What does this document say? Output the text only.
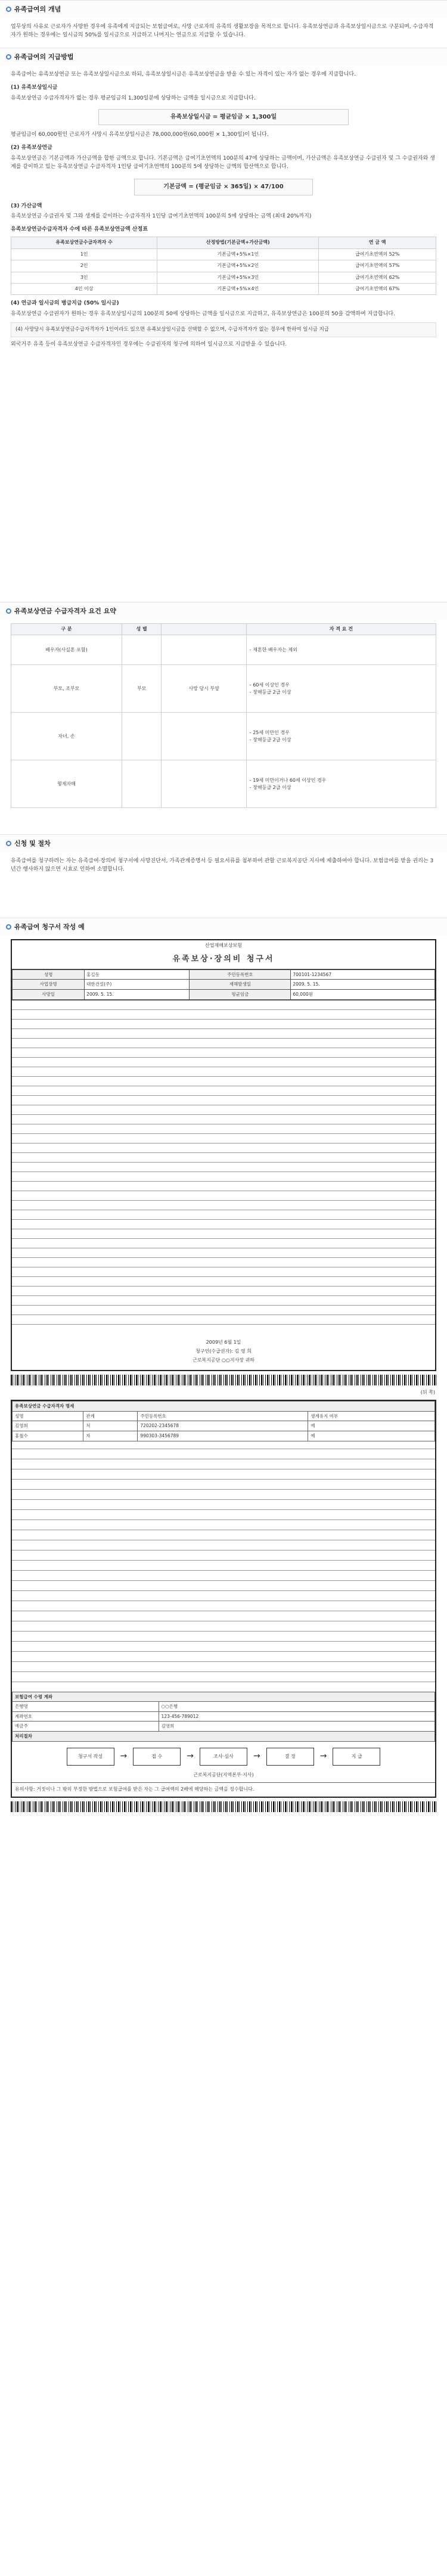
유족급여의 개념

업무상의 사유로 근로자가 사망한 경우에 유족에게 지급되는 보험급여로, 사망 근로자의 유족의 생활보장을 목적으로 합니다. 유족보상연금과 유족보상일시금으로 구분되며, 수급자격자가 원하는 경우에는 일시금의 50%를 일시금으로 지급하고 나머지는 연금으로 지급할 수 있습니다.

유족급여의 지급방법

유족급여는 유족보상연금 또는 유족보상일시금으로 하되, 유족보상일시금은 유족보상연금을 받을 수 있는 자격이 있는 자가 없는 경우에 지급합니다.

(1) 유족보상일시금

유족보상연금 수급자격자가 없는 경우 평균임금의 1,300일분에 상당하는 금액을 일시금으로 지급합니다.

유족보상일시금 = 평균임금 × 1,300일

평균임금이 60,000원인 근로자가 사망시 유족보상일시금은 78,000,000원(60,000원 × 1,300일)이 됩니다.

(2) 유족보상연금

유족보상연금은 기본금액과 가산금액을 합한 금액으로 합니다. 기본금액은 급여기초연액의 100분의 47에 상당하는 금액이며, 가산금액은 유족보상연금 수급권자 및 그 수급권자와 생계를 같이하고 있는 유족보상연금 수급자격자 1인당 급여기초연액의 100분의 5에 상당하는 금액의 합산액으로 합니다.

기본금액 = (평균임금 × 365일) × 47/100

(3) 가산금액

유족보상연금 수급권자 및 그와 생계를 같이하는 수급자격자 1인당 급여기초연액의 100분의 5에 상당하는 금액 (최대 20%까지)

유족보상연금수급자격자 수에 따른 유족보상연금액 산정표

유족보상연금수급자격자 수	산정방법(기본금액+가산금액)	연 금 액
1인	기본금액+5%×1인	급여기초연액의 52%
2인	기본금액+5%×2인	급여기초연액의 57%
3인	기본금액+5%×3인	급여기초연액의 62%
4인 이상	기본금액+5%×4인	급여기초연액의 67%

(4) 연금과 일시금의 병급지급 (50% 일시금)

유족보상연금 수급권자가 원하는 경우 유족보상일시금의 100분의 50에 상당하는 금액을 일시금으로 지급하고, 유족보상연금은 100분의 50을 감액하여 지급합니다.

(4) 사망당시 유족보상연금수급자격자가 1인이라도 있으면 유족보상일시금을 선택할 수 없으며, 수급자격자가 없는 경우에 한하여 일시금 지급

외국거주 유족 등이 유족보상연금 수급자격자인 경우에는 수급권자의 청구에 의하여 일시금으로 지급받을 수 있습니다.

유족보상연금 수급자격자 요건 요약
구 분	성 별		자 격 요 건
배우자(사실혼 포함)			- 재혼한 배우자는 제외
부모, 조부모	부모	사망 당시 부양	- 60세 이상인 경우
- 장해등급 2급 이상
자녀, 손			- 25세 미만인 경우
- 장해등급 2급 이상
형제자매			- 19세 미만이거나 60세 이상인 경우
- 장해등급 2급 이상
신청 및 절차

유족급여를 청구하려는 자는 유족급여·장의비 청구서에 사망진단서, 가족관계증명서 등 필요서류를 첨부하여 관할 근로복지공단 지사에 제출하여야 합니다. 보험급여를 받을 권리는 3년간 행사하지 않으면 시효로 인하여 소멸합니다.

유족급여 청구서 작성 예
산업재해보상보험
유족보상·장의비 청구서
성명	홍길동	주민등록번호	700101-1234567
사업장명	대한건설(주)	재해발생일	2009. 5. 15.
사망일	2009. 5. 15.	평균임금	60,000원

2009년 6월 1일

청구인(수급권자): 김 영 희

근로복지공단 ○○지사장 귀하

(뒤 쪽)
유족보상연금 수급자격자 명세			
성명	관계	주민등록번호	생계유지 여부
김영희	처	720202-2345678	예
홍철수	자	990303-3456789	예
보험급여 수령 계좌	
은행명	○○은행
계좌번호	123-456-789012
예금주	김영희
처리절차	
청구서 작성	→	접 수	→	조사·심사	→	결 정	→	지 급
근로복지공단(지역본부·지사)
유의사항: 거짓이나 그 밖의 부정한 방법으로 보험급여를 받은 자는 그 급여액의 2배에 해당하는 금액을 징수합니다.
